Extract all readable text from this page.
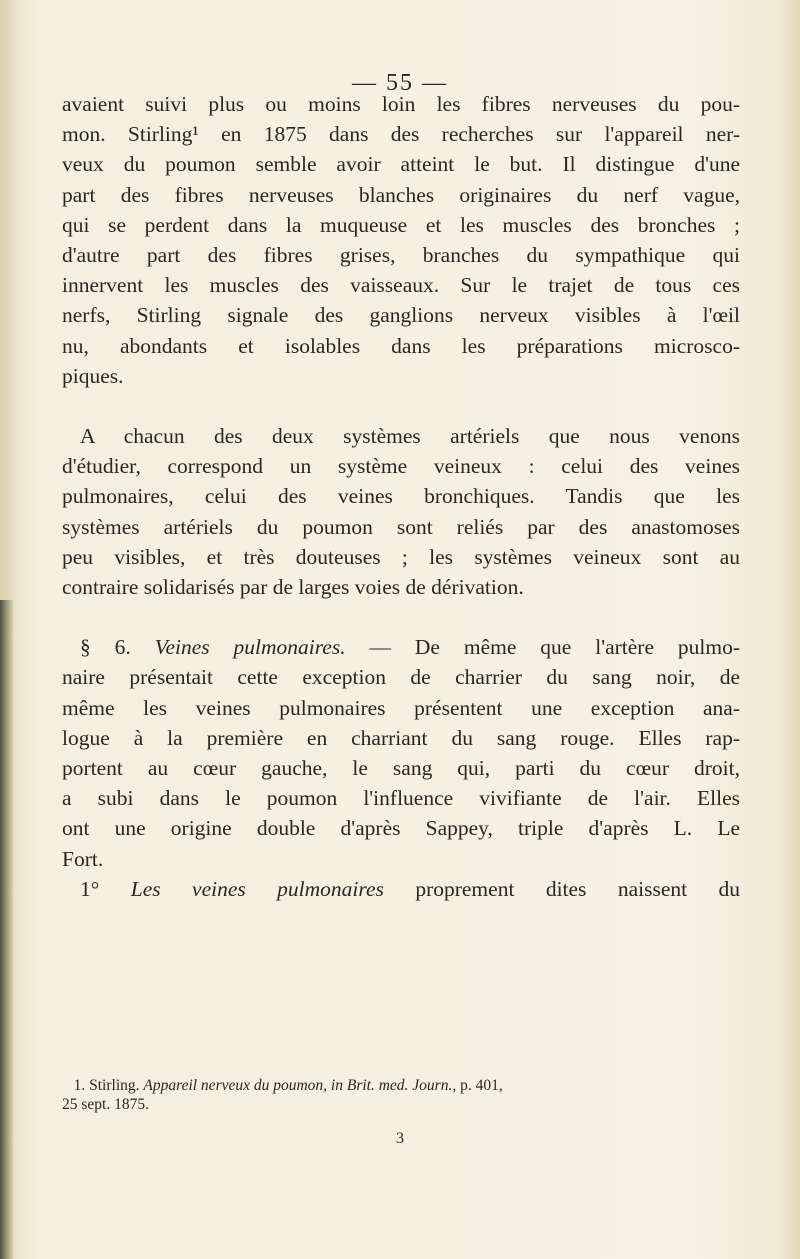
— 55 —
avaient suivi plus ou moins loin les fibres nerveuses du pou-
mon. Stirling¹ en 1875 dans des recherches sur l'appareil ner-
veux du poumon semble avoir atteint le but. Il distingue d'une
part des fibres nerveuses blanches originaires du nerf vague,
qui se perdent dans la muqueuse et les muscles des bronches ;
d'autre part des fibres grises, branches du sympathique qui
innervent les muscles des vaisseaux. Sur le trajet de tous ces
nerfs, Stirling signale des ganglions nerveux visibles à l'œil
nu, abondants et isolables dans les préparations microsco-
piques.
A chacun des deux systèmes artériels que nous venons
d'étudier, correspond un système veineux : celui des veines
pulmonaires, celui des veines bronchiques. Tandis que les
systèmes artériels du poumon sont reliés par des anastomoses
peu visibles, et très douteuses ; les systèmes veineux sont au
contraire solidarisés par de larges voies de dérivation.
§ 6. Veines pulmonaires. — De même que l'artère pulmo-
naire présentait cette exception de charrier du sang noir, de
même les veines pulmonaires présentent une exception ana-
logue à la première en charriant du sang rouge. Elles rap-
portent au cœur gauche, le sang qui, parti du cœur droit,
a subi dans le poumon l'influence vivifiante de l'air. Elles
ont une origine double d'après Sappey, triple d'après L. Le
Fort.
1° Les veines pulmonaires proprement dites naissent du
1. Stirling. Appareil nerveux du poumon, in Brit. med. Journ., p. 401,
25 sept. 1875.
3
